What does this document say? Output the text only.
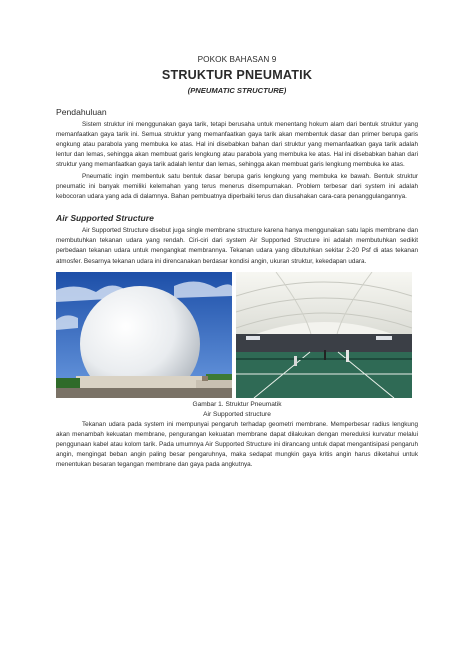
POKOK BAHASAN 9

STRUKTUR PNEUMATIK

(PNEUMATIC STRUCTURE)

Pendahuluan

Sistem struktur ini menggunakan gaya tarik, tetapi berusaha untuk menentang hokum alam dari bentuk struktur yang memanfaatkan gaya tarik ini. Semua struktur yang memanfaatkan gaya tarik akan membentuk dasar dan primer berupa garis engkung atau parabola yang membuka ke atas. Hal ini disebabkan bahan dari struktur yang memanfaatkan gaya tarik adalah lentur dan lemas, sehingga akan membuat garis lengkung atau parabola yang membuka ke atas. Hal ini disebabkan bahan dari struktur yang memanfaatkan gaya tarik adalah lentur dan lemas, sehingga akan membuat garis lengkung membuka ke atas.

Pneumatic ingin membentuk satu bentuk dasar berupa garis lengkung yang membuka ke bawah. Bentuk struktur pneumatic ini banyak memiliki kelemahan yang terus menerus disempurnakan. Problem terbesar dari system ini adalah kebocoran udara yang ada di dalamnya. Bahan pembuatnya diperbaiki terus dan diusahakan cara-cara penanggulangannya.

Air Supported Structure

Air Supported Structure disebut juga single membrane structure karena hanya menggunakan satu lapis membrane dan membutuhkan tekanan udara yang rendah. Ciri-ciri dari system Air Supported Structure ini adalah membutuhkan sedikit perbedaan tekanan udara untuk mengangkat membrannya. Tekanan udara yang dibutuhkan sekitar 2-20 Psf di atas tekanan atmosfer. Besarnya tekanan udara ini direncanakan berdasar kondisi angin, ukuran struktur, kekedapan udara.

Gambar 1. Struktur Pneumatik

Air Supported structure

Tekanan udara pada system ini mempunyai pengaruh terhadap geometri membrane. Memperbesar radius lengkung akan menambah kekuatan membrane, pengurangan kekuatan membrane dapat dilakukan dengan mereduksi kurvatur melalui penggunaan kabel atau kolom tarik. Pada umumnya Air Supported Structure ini dirancang untuk dapat mengantisipasi pengaruh angin, mengingat beban angin paling besar pengaruhnya, maka sedapat mungkin gaya kritis angin harus diketahui untuk menentukan besaran tegangan membrane dan gaya pada angkutnya.
